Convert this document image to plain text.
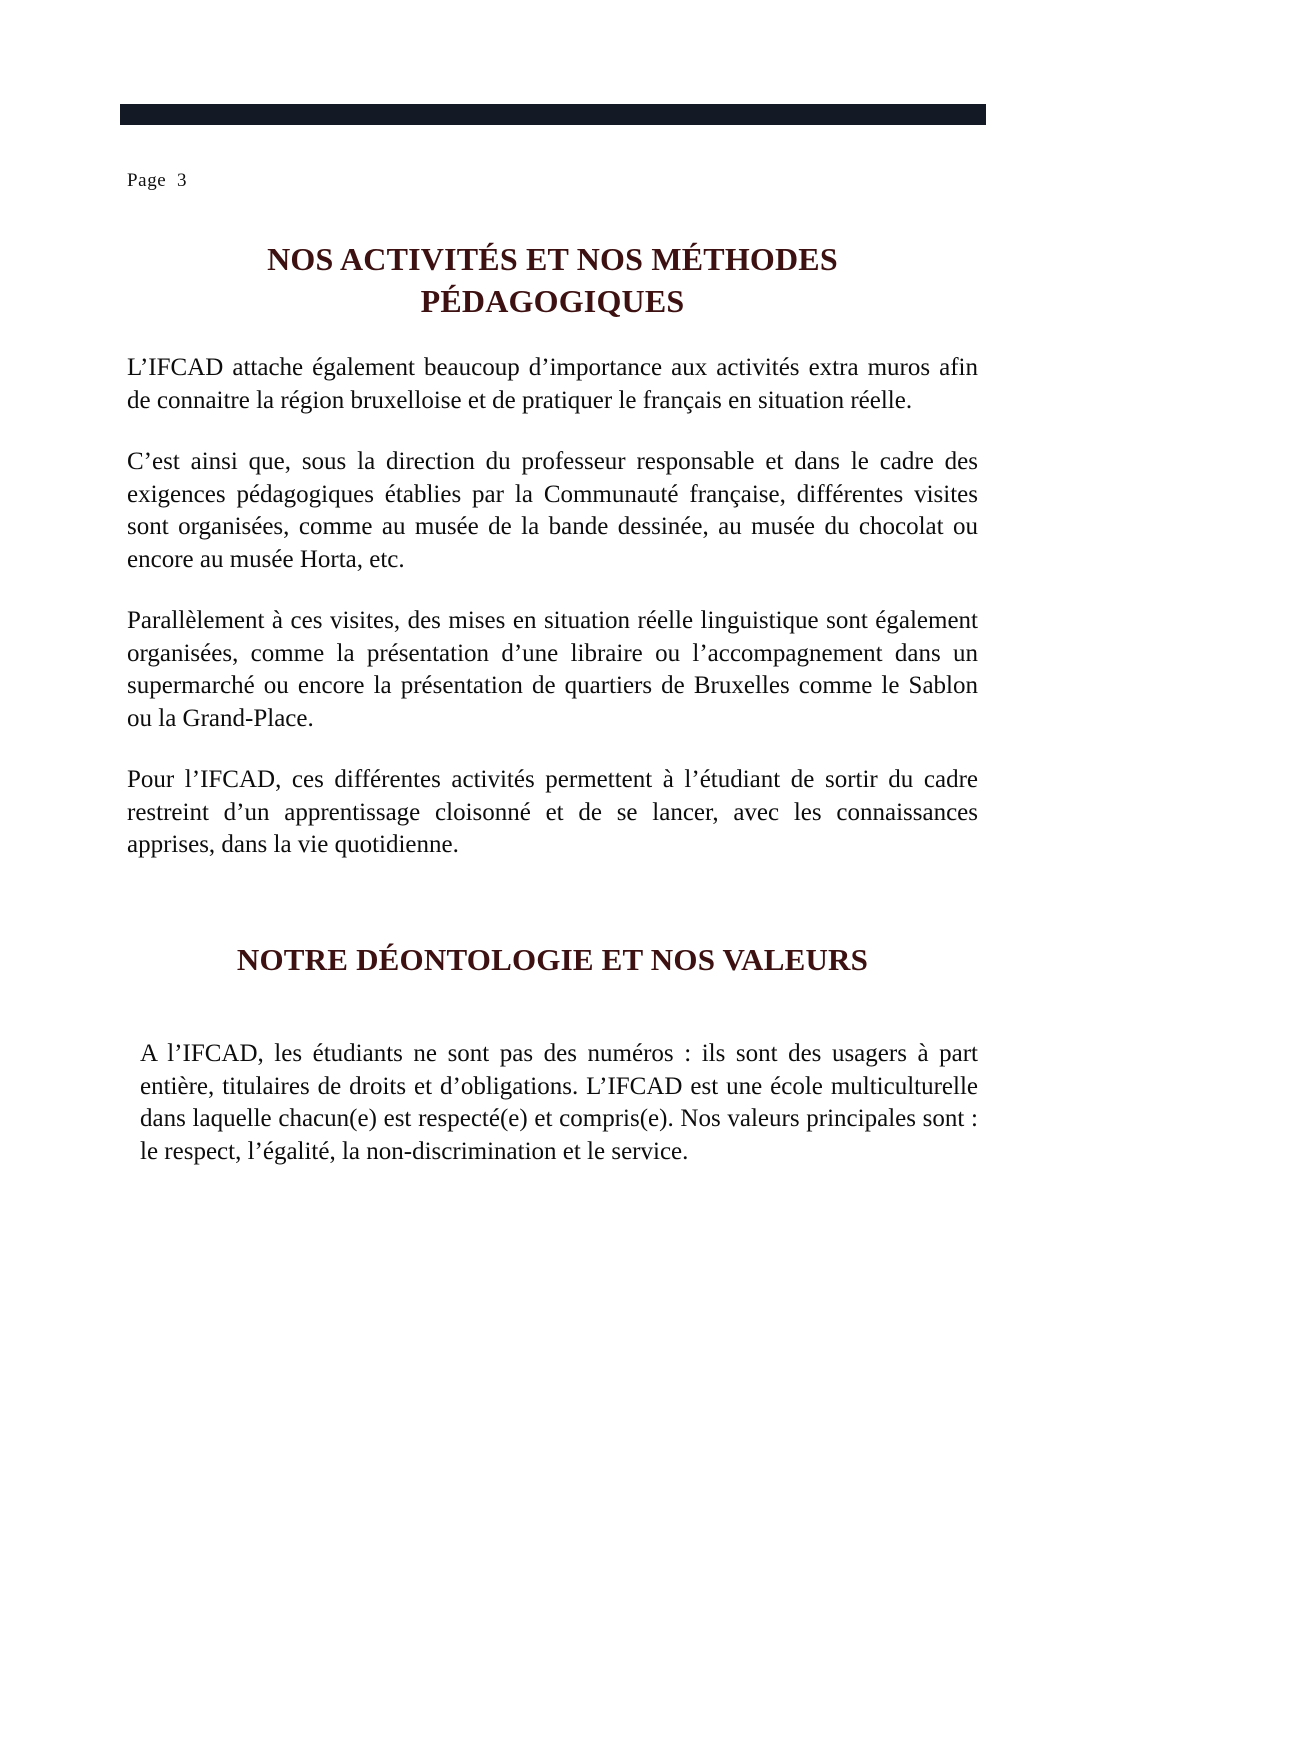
Page  3
NOS ACTIVITÉS ET NOS MÉTHODES
PÉDAGOGIQUES

L’IFCAD attache également beaucoup d’importance aux activités extra muros afin de connaitre la région bruxelloise et de pratiquer le français en situation réelle.

C’est ainsi que, sous la direction du professeur responsable et dans le cadre des exigences pédagogiques établies par la Communauté française, différentes visites sont organisées, comme au musée de la bande dessinée, au musée du chocolat ou encore au musée Horta, etc.

Parallèlement à ces visites, des mises en situation réelle linguistique sont également organisées, comme la présentation d’une libraire ou l’accompagnement dans un supermarché ou encore la présentation de quartiers de Bruxelles comme le Sablon ou la Grand-Place.

Pour l’IFCAD, ces différentes activités permettent à l’étudiant de sortir du cadre restreint d’un apprentissage cloisonné et de se lancer, avec les connaissances apprises, dans la vie quotidienne.

NOTRE DÉONTOLOGIE ET NOS VALEURS

A l’IFCAD, les étudiants ne sont pas des numéros : ils sont des usagers à part entière, titulaires de droits et d’obligations. L’IFCAD est une école multiculturelle dans laquelle chacun(e) est respecté(e) et compris(e). Nos valeurs principales sont : le respect, l’égalité, la non-discrimination et le service.
